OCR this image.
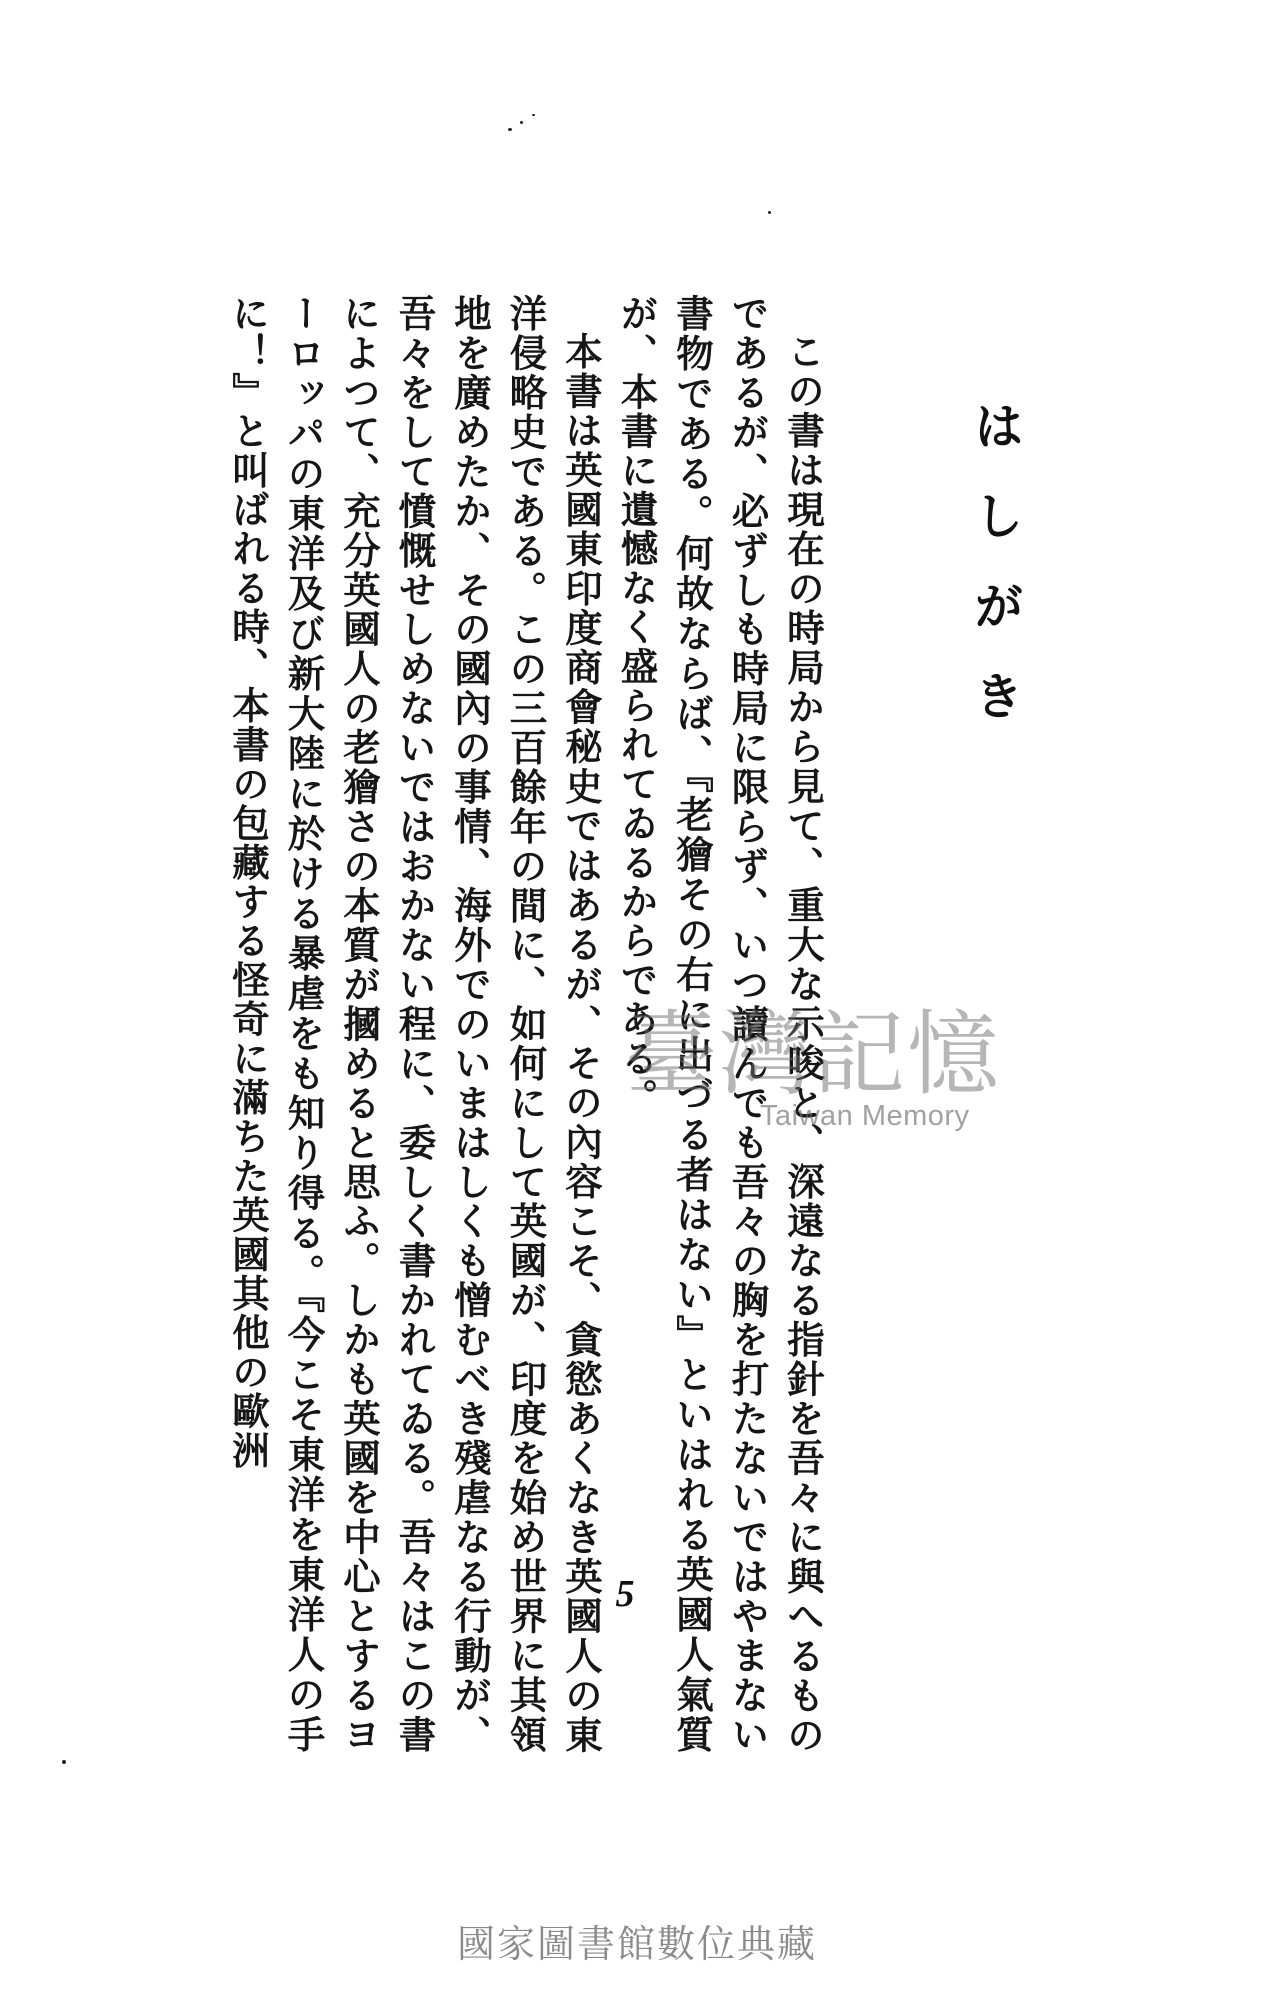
はしがき

この書は現在の時局から見て、重大な示唆と、深遠なる指針を吾々に與へるものであるが、必ずしも時局に限らず、いつ讀んでも吾々の胸を打たないではやまない書物である。何故ならば、『老獪その右に出づる者はない』といはれる英國人氣質が、本書に遺憾なく盛られてゐるからである。

本書は英國東印度商會秘史ではあるが、その內容こそ、貪慾あくなき英國人の東洋侵略史である。この三百餘年の間に、如何にして英國が、印度を始め世界に其領地を廣めたか、その國內の事情、海外でのいまはしくも憎むべき殘虐なる行動が、吾々をして憤慨せしめないではおかない程に、委しく書かれてゐる。吾々はこの書によつて、充分英國人の老獪さの本質が摑めると思ふ。しかも英國を中心とするヨーロッパの東洋及び新大陸に於ける暴虐をも知り得る。『今こそ東洋を東洋人の手に！』と叫ばれる時、本書の包藏する怪奇に滿ちた英國其他の歐洲	臺灣記憶
Taiwan Memory
5
國家圖書館數位典藏
